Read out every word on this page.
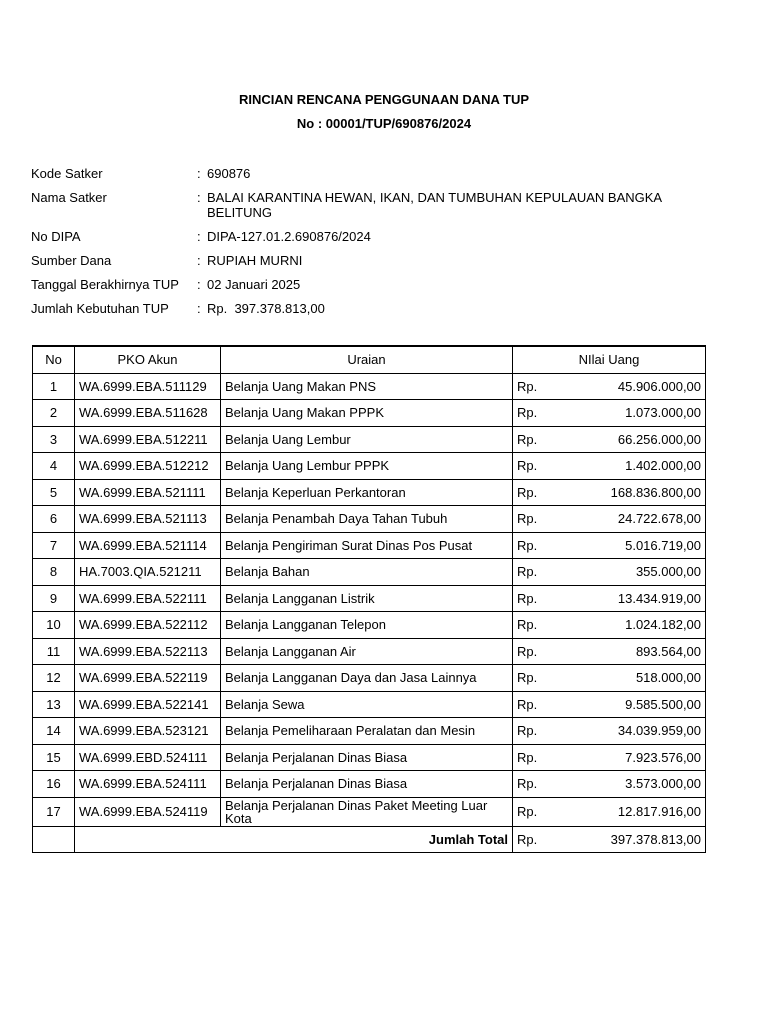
RINCIAN RENCANA PENGGUNAAN DANA TUP
No : 00001/TUP/690876/2024
Kode Satker	: 690876
Nama Satker	: BALAI KARANTINA HEWAN, IKAN, DAN TUMBUHAN KEPULAUAN BANGKA BELITUNG
No DIPA	: DIPA-127.01.2.690876/2024
Sumber Dana	: RUPIAH MURNI
Tanggal Berakhirnya TUP	: 02 Januari 2025
Jumlah Kebutuhan TUP	: Rp.  397.378.813,00
No	PKO Akun	Uraian	NIlai Uang	
1	WA.6999.EBA.511129	Belanja Uang Makan PNS	Rp.	45.906.000,00
2	WA.6999.EBA.511628	Belanja Uang Makan PPPK	Rp.	1.073.000,00
3	WA.6999.EBA.512211	Belanja Uang Lembur	Rp.	66.256.000,00
4	WA.6999.EBA.512212	Belanja Uang Lembur PPPK	Rp.	1.402.000,00
5	WA.6999.EBA.521111	Belanja Keperluan Perkantoran	Rp.	168.836.800,00
6	WA.6999.EBA.521113	Belanja Penambah Daya Tahan Tubuh	Rp.	24.722.678,00
7	WA.6999.EBA.521114	Belanja Pengiriman Surat Dinas Pos Pusat	Rp.	5.016.719,00
8	HA.7003.QIA.521211	Belanja Bahan	Rp.	355.000,00
9	WA.6999.EBA.522111	Belanja Langganan Listrik	Rp.	13.434.919,00
10	WA.6999.EBA.522112	Belanja Langganan Telepon	Rp.	1.024.182,00
11	WA.6999.EBA.522113	Belanja Langganan Air	Rp.	893.564,00
12	WA.6999.EBA.522119	Belanja Langganan Daya dan Jasa Lainnya	Rp.	518.000,00
13	WA.6999.EBA.522141	Belanja Sewa	Rp.	9.585.500,00
14	WA.6999.EBA.523121	Belanja Pemeliharaan Peralatan dan Mesin	Rp.	34.039.959,00
15	WA.6999.EBD.524111	Belanja Perjalanan Dinas Biasa	Rp.	7.923.576,00
16	WA.6999.EBA.524111	Belanja Perjalanan Dinas Biasa	Rp.	3.573.000,00
17	WA.6999.EBA.524119	Belanja Perjalanan Dinas Paket Meeting Luar Kota	Rp.	12.817.916,00
	Jumlah Total		Rp.	397.378.813,00
